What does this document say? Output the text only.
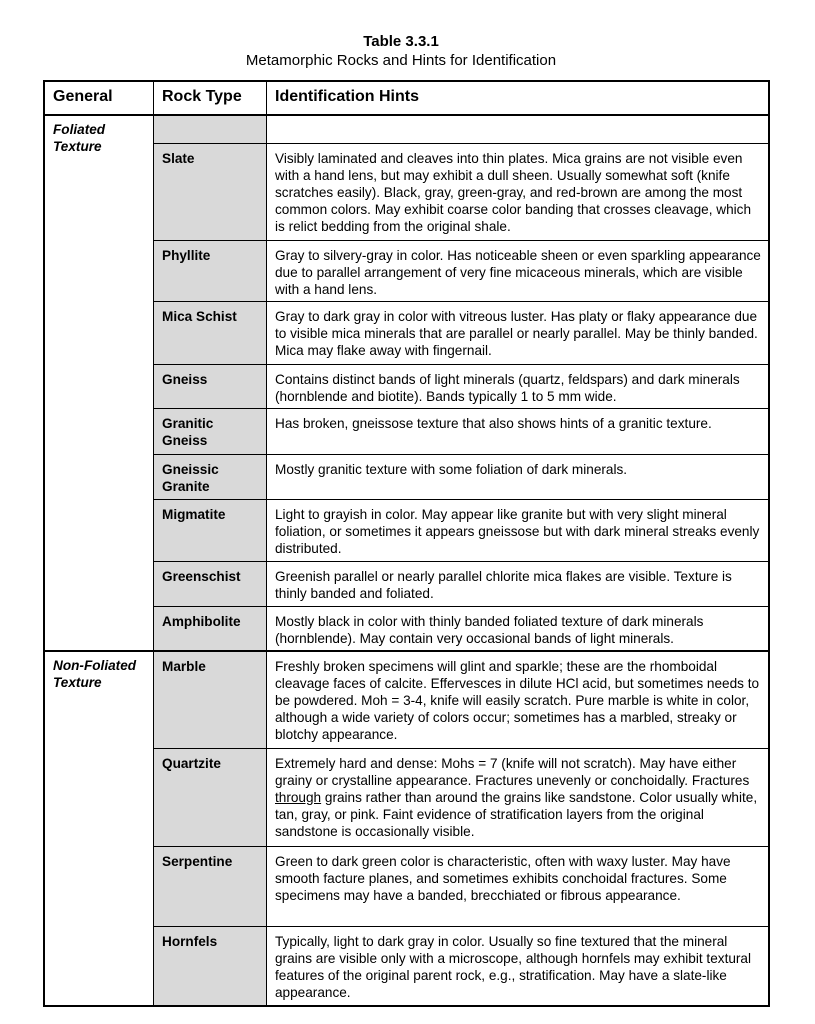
Table 3.3.1
Metamorphic Rocks and Hints for Identification
General	Rock Type	Identification Hints
Foliated Texture		
	Slate	Visibly laminated and cleaves into thin plates. Mica grains are not visible even with a hand lens, but may exhibit a dull sheen. Usually somewhat soft (knife scratches easily). Black, gray, green-gray, and red-brown are among the most common colors. May exhibit coarse color banding that crosses cleavage, which is relict bedding from the original shale.
	Phyllite	Gray to silvery-gray in color. Has noticeable sheen or even sparkling appearance due to parallel arrangement of very fine micaceous minerals, which are visible with a hand lens.
	Mica Schist	Gray to dark gray in color with vitreous luster. Has platy or flaky appearance due to visible mica minerals that are parallel or nearly parallel. May be thinly banded. Mica may flake away with fingernail.
	Gneiss	Contains distinct bands of light minerals (quartz, feldspars) and dark minerals (hornblende and biotite). Bands typically 1 to 5 mm wide.
	Granitic Gneiss	Has broken, gneissose texture that also shows hints of a granitic texture.
	Gneissic Granite	Mostly granitic texture with some foliation of dark minerals.
	Migmatite	Light to grayish in color. May appear like granite but with very slight mineral foliation, or sometimes it appears gneissose but with dark mineral streaks evenly distributed.
	Greenschist	Greenish parallel or nearly parallel chlorite mica flakes are visible. Texture is thinly banded and foliated.
	Amphibolite	Mostly black in color with thinly banded foliated texture of dark minerals (hornblende). May contain very occasional bands of light minerals.
Non-Foliated Texture	Marble	Freshly broken specimens will glint and sparkle; these are the rhomboidal cleavage faces of calcite. Effervesces in dilute HCl acid, but sometimes needs to be powdered. Moh = 3-4, knife will easily scratch. Pure marble is white in color, although a wide variety of colors occur; sometimes has a marbled, streaky or blotchy appearance.
	Quartzite	Extremely hard and dense: Mohs = 7 (knife will not scratch). May have either grainy or crystalline appearance. Fractures unevenly or conchoidally. Fractures through grains rather than around the grains like sandstone. Color usually white, tan, gray, or pink. Faint evidence of stratification layers from the original sandstone is occasionally visible.
	Serpentine	Green to dark green color is characteristic, often with waxy luster. May have smooth facture planes, and sometimes exhibits conchoidal fractures. Some specimens may have a banded, brecchiated or fibrous appearance.
	Hornfels	Typically, light to dark gray in color. Usually so fine textured that the mineral grains are visible only with a microscope, although hornfels may exhibit textural features of the original parent rock, e.g., stratification. May have a slate-like appearance.
